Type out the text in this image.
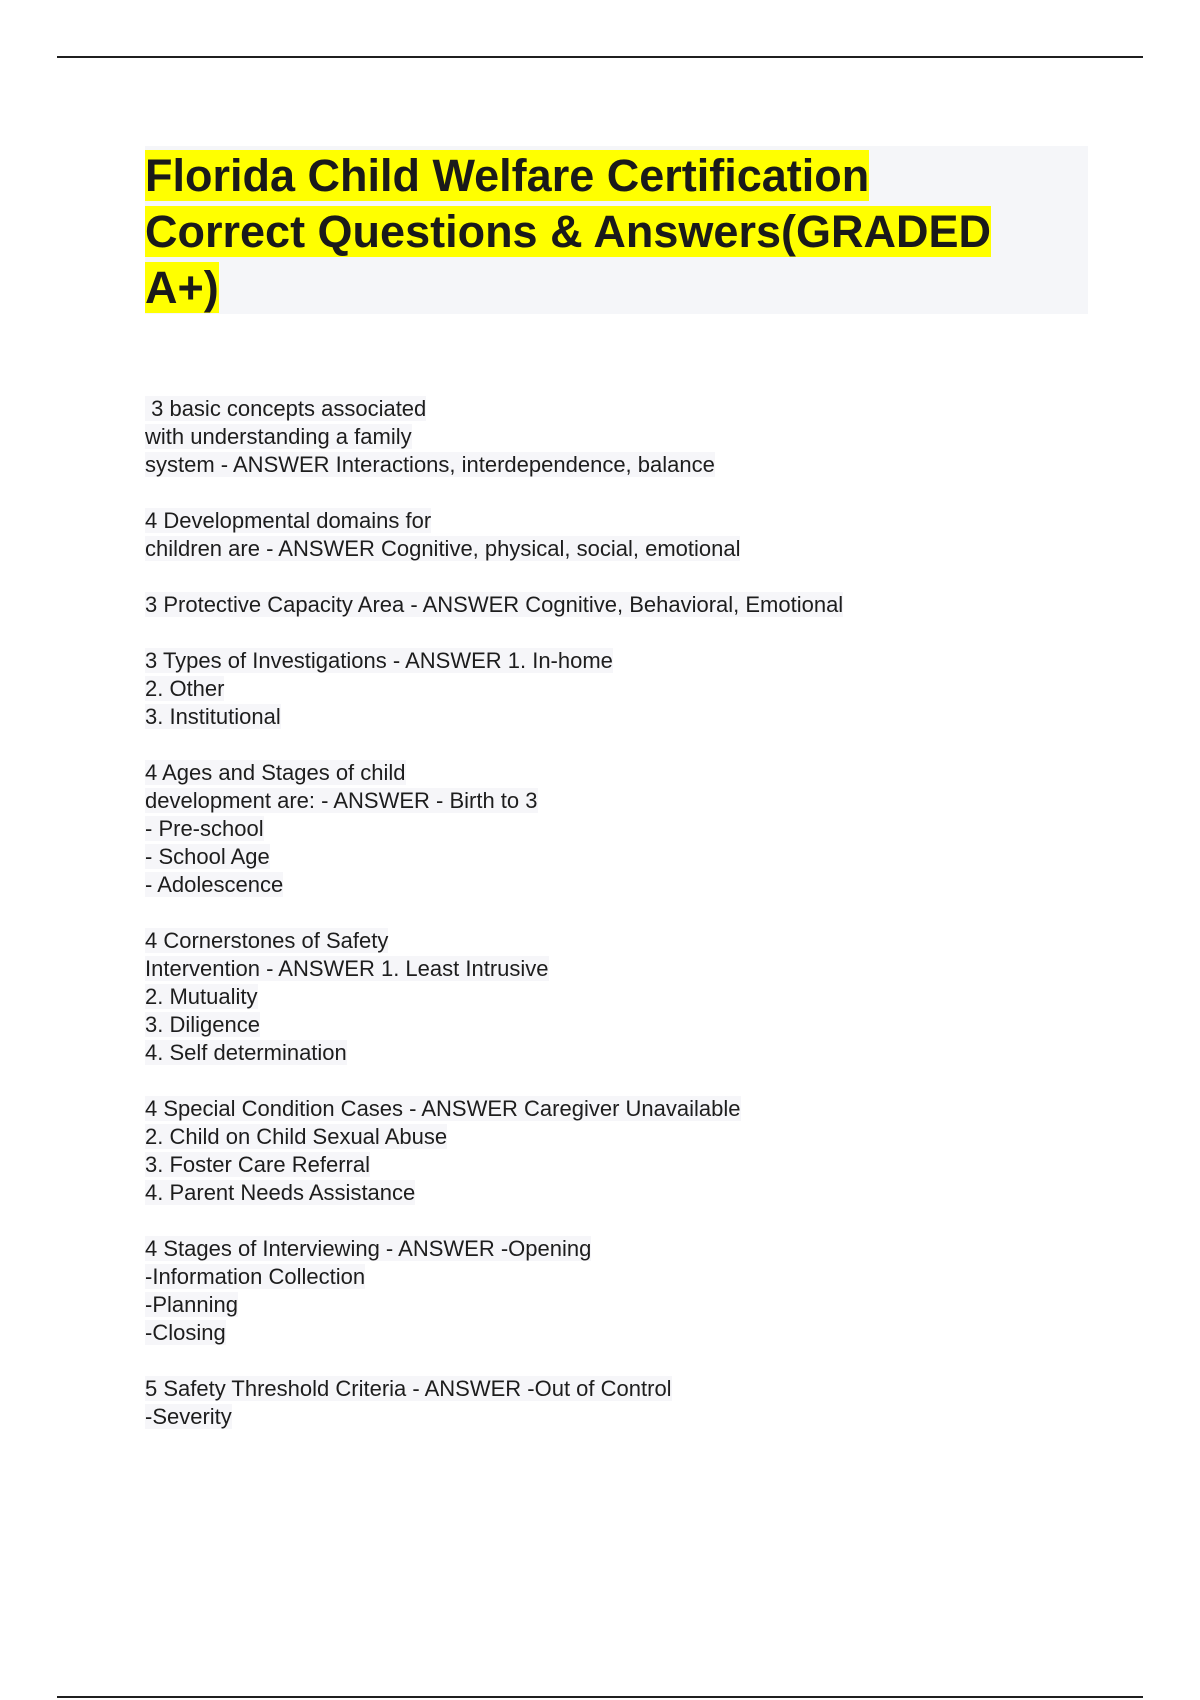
Florida Child Welfare Certification
Correct Questions & Answers(GRADED
A+)
3 basic concepts associated
with understanding a family
system - ANSWER Interactions, interdependence, balance
4 Developmental domains for
children are - ANSWER Cognitive, physical, social, emotional
3 Protective Capacity Area - ANSWER Cognitive, Behavioral, Emotional
3 Types of Investigations - ANSWER 1. In-home
2. Other
3. Institutional
4 Ages and Stages of child
development are: - ANSWER - Birth to 3
- Pre-school
- School Age
- Adolescence
4 Cornerstones of Safety
Intervention - ANSWER 1. Least Intrusive
2. Mutuality
3. Diligence
4. Self determination
4 Special Condition Cases - ANSWER Caregiver Unavailable
2. Child on Child Sexual Abuse
3. Foster Care Referral
4. Parent Needs Assistance
4 Stages of Interviewing - ANSWER -Opening
-Information Collection
-Planning
-Closing
5 Safety Threshold Criteria - ANSWER -Out of Control
-Severity
